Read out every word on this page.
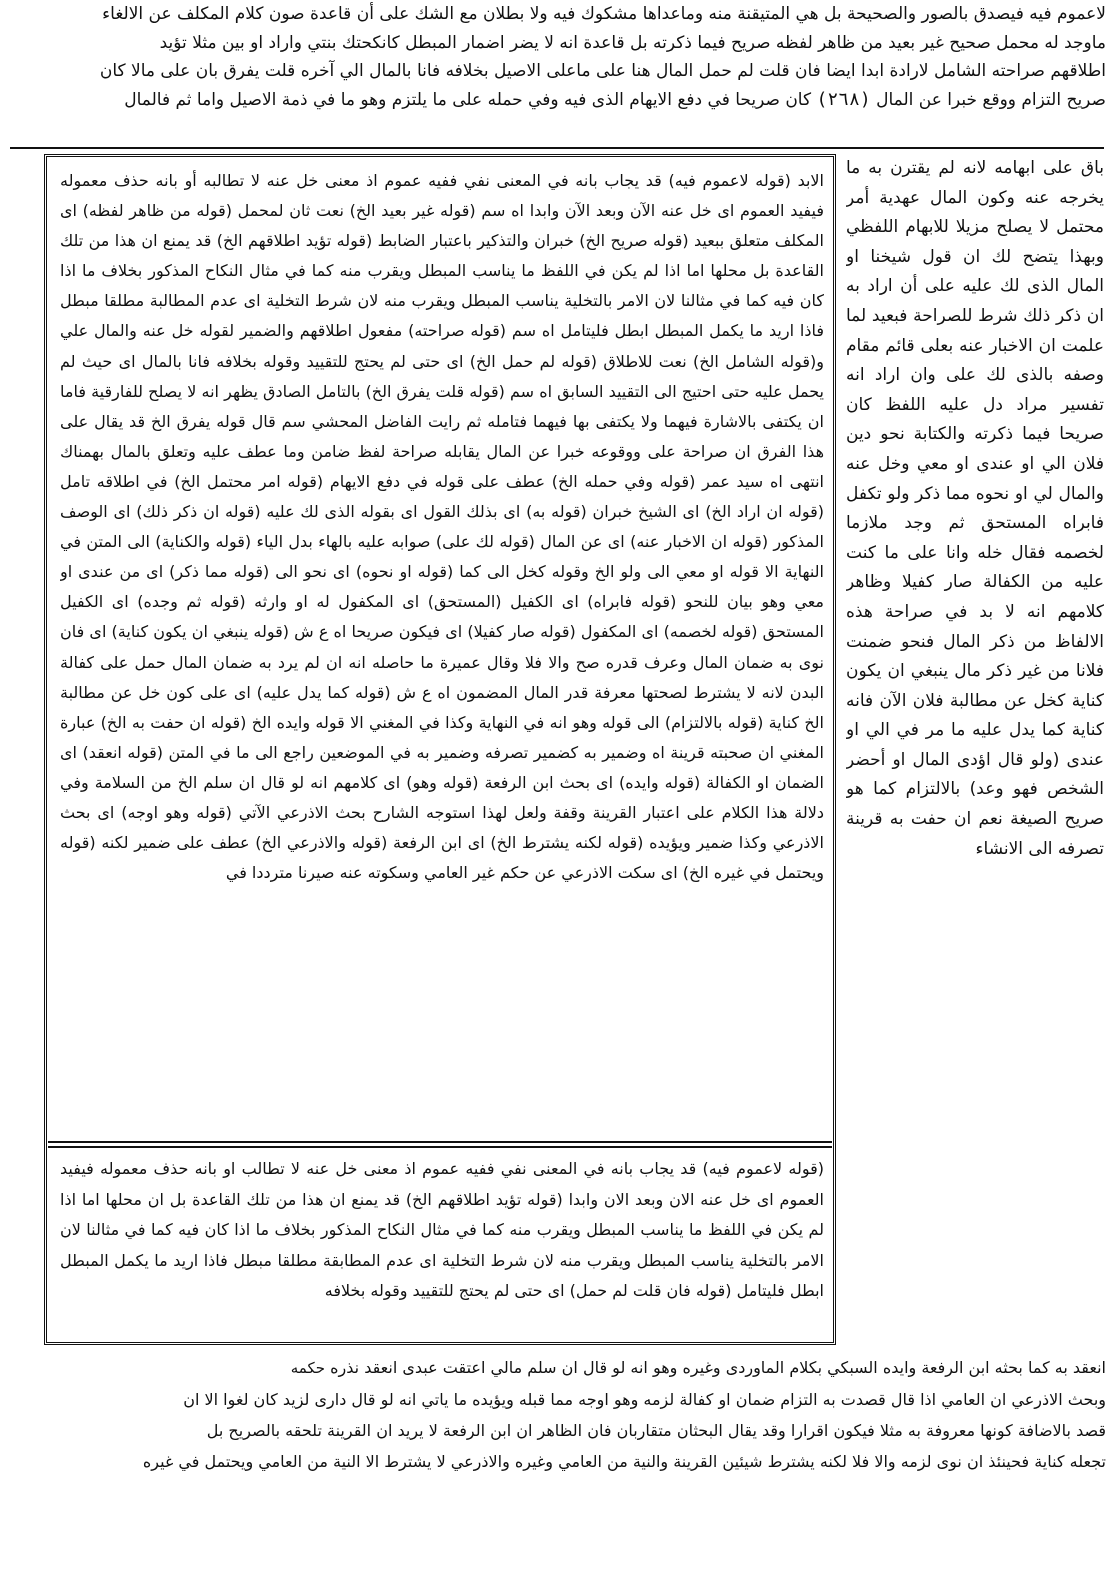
لاعموم فيه فيصدق بالصور والصحيحة بل هي المتيقنة منه وماعداها مشكوك فيه ولا بطلان مع الشك على أن قاعدة صون كلام المكلف عن الالغاء
ماوجد له محمل صحيح غير بعيد من ظاهر لفظه صريح فيما ذكرته بل قاعدة انه لا يضر اضمار المبطل كانكحتك بنتي واراد او بين مثلا تؤيد
اطلاقهم صراحته الشامل لارادة ابدا ايضا فان قلت لم حمل المال هنا على ماعلى الاصيل بخلافه فانا بالمال الي آخره قلت يفرق بان على مالا كان
صريح التزام ووقع خبرا عن المال (٢٦٨) كان صريحا في دفع الايهام الذى فيه وفي حمله على ما يلتزم وهو ما في ذمة الاصيل واما ثم فالمال
باق على ابهامه لانه لم يقترن به ما يخرجه عنه وكون المال عهدية أمر محتمل لا يصلح مزيلا للابهام اللفظي وبهذا يتضح لك ان قول شيخنا او المال الذى لك عليه على أن اراد به ان ذكر ذلك شرط للصراحة فبعيد لما علمت ان الاخبار عنه بعلى قائم مقام وصفه بالذى لك على وان اراد انه تفسير مراد دل عليه اللفظ كان صريحا فيما ذكرته والكتابة نحو دين فلان الي او عندى او معي وخل عنه والمال لي او نحوه مما ذكر ولو تكفل فابراه المستحق ثم وجد ملازما لخصمه فقال خله وانا على ما كنت عليه من الكفالة صار كفيلا وظاهر كلامهم انه لا بد في صراحة هذه الالفاظ من ذكر المال فنحو ضمنت فلانا من غير ذكر مال ينبغي ان يكون كناية كخل عن مطالبة فلان الآن فانه كناية كما يدل عليه ما مر في الي او عندى (ولو قال اؤدى المال او أحضر الشخص فهو وعد) بالالتزام كما هو صريح الصيغة نعم ان حفت به قرينة تصرفه الى الانشاء
الابد (قوله لاعموم فيه) قد يجاب بانه في المعنى نفي ففيه عموم اذ معنى خل عنه لا تطالبه أو بانه حذف معموله فيفيد العموم اى خل عنه الآن وبعد الآن وابدا اه سم (قوله غير بعيد الخ) نعت ثان لمحمل (قوله من ظاهر لفظه) اى المكلف متعلق ببعيد (قوله صريح الخ) خبران والتذكير باعتبار الضابط (قوله تؤيد اطلاقهم الخ) قد يمنع ان هذا من تلك القاعدة بل محلها اما اذا لم يكن في اللفظ ما يناسب المبطل ويقرب منه كما في مثال النكاح المذكور بخلاف ما اذا كان فيه كما في مثالنا لان الامر بالتخلية يناسب المبطل ويقرب منه لان شرط التخلية اى عدم المطالبة مطلقا مبطل فاذا اريد ما يكمل المبطل ابطل فليتامل اه سم (قوله صراحته) مفعول اطلاقهم والضمير لقوله خل عنه والمال علي و(قوله الشامل الخ) نعت للاطلاق (قوله لم حمل الخ) اى حتى لم يحتج للتقييد وقوله بخلافه فانا بالمال اى حيث لم يحمل عليه حتى احتيج الى التقييد السابق اه سم (قوله قلت يفرق الخ) بالتامل الصادق يظهر انه لا يصلح للفارقية فاما ان يكتفى بالاشارة فيهما ولا يكتفى بها فيهما فتامله ثم رايت الفاضل المحشي سم قال قوله يفرق الخ قد يقال على هذا الفرق ان صراحة على ووقوعه خبرا عن المال يقابله صراحة لفظ ضامن وما عطف عليه وتعلق بالمال بهمناك انتهى اه سيد عمر (قوله وفي حمله الخ) عطف على قوله في دفع الايهام (قوله امر محتمل الخ) في اطلاقه تامل (قوله ان اراد الخ) اى الشيخ خبران (قوله به) اى بذلك القول اى بقوله الذى لك عليه (قوله ان ذكر ذلك) اى الوصف المذكور (قوله ان الاخبار عنه) اى عن المال (قوله لك على) صوابه عليه بالهاء بدل الياء (قوله والكناية) الى المتن في النهاية الا قوله او معي الى ولو الخ وقوله كخل الى كما (قوله او نحوه) اى نحو الى (قوله مما ذكر) اى من عندى او معي وهو بيان للنحو (قوله فابراه) اى الكفيل (المستحق) اى المكفول له او وارثه (قوله ثم وجده) اى الكفيل المستحق (قوله لخصمه) اى المكفول (قوله صار كفيلا) اى فيكون صريحا اه ع ش (قوله ينبغي ان يكون كناية) اى فان نوى به ضمان المال وعرف قدره صح والا فلا وقال عميرة ما حاصله انه ان لم يرد به ضمان المال حمل على كفالة البدن لانه لا يشترط لصحتها معرفة قدر المال المضمون اه ع ش (قوله كما يدل عليه) اى على كون خل عن مطالبة الخ كناية (قوله بالالتزام) الى قوله وهو انه في النهاية وكذا في المغني الا قوله وايده الخ (قوله ان حفت به الخ) عبارة المغني ان صحبته قرينة اه وضمير به كضمير تصرفه وضمير به في الموضعين راجع الى ما في المتن (قوله انعقد) اى الضمان او الكفالة (قوله وايده) اى بحث ابن الرفعة (قوله وهو) اى كلامهم انه لو قال ان سلم الخ من السلامة وفي دلالة هذا الكلام على اعتبار القرينة وقفة ولعل لهذا استوجه الشارح بحث الاذرعي الآتي (قوله وهو اوجه) اى بحث الاذرعي وكذا ضمير ويؤيده (قوله لكنه يشترط الخ) اى ابن الرفعة (قوله والاذرعي الخ) عطف على ضمير لكنه (قوله ويحتمل في غيره الخ) اى سكت الاذرعي عن حكم غير العامي وسكوته عنه صيرنا مترددا في
(قوله لاعموم فيه) قد يجاب بانه في المعنى نفي ففيه عموم اذ معنى خل عنه لا تطالب او بانه حذف معموله فيفيد العموم اى خل عنه الان وبعد الان وابدا (قوله تؤيد اطلاقهم الخ) قد يمنع ان هذا من تلك القاعدة بل ان محلها اما اذا لم يكن في اللفظ ما يناسب المبطل ويقرب منه كما في مثال النكاح المذكور بخلاف ما اذا كان فيه كما في مثالنا لان الامر بالتخلية يناسب المبطل ويقرب منه لان شرط التخلية اى عدم المطابقة مطلقا مبطل فاذا اريد ما يكمل المبطل ابطل فليتامل (قوله فان قلت لم حمل) اى حتى لم يحتج للتقييد وقوله بخلافه
انعقد به كما بحثه ابن الرفعة وايده السبكي بكلام الماوردى وغيره وهو انه لو قال ان سلم مالي اعتقت عبدى انعقد نذره حكمه
وبحث الاذرعي ان العامي اذا قال قصدت به التزام ضمان او كفالة لزمه وهو اوجه مما قبله ويؤيده ما ياتي انه لو قال دارى لزيد كان لغوا الا ان
قصد بالاضافة كونها معروفة به مثلا فيكون اقرارا وقد يقال البحثان متقاربان فان الظاهر ان ابن الرفعة لا يريد ان القرينة تلحقه بالصريح بل
تجعله كناية فحينئذ ان نوى لزمه والا فلا لكنه يشترط شيئين القرينة والنية من العامي وغيره والاذرعي لا يشترط الا النية من العامي ويحتمل في غيره
